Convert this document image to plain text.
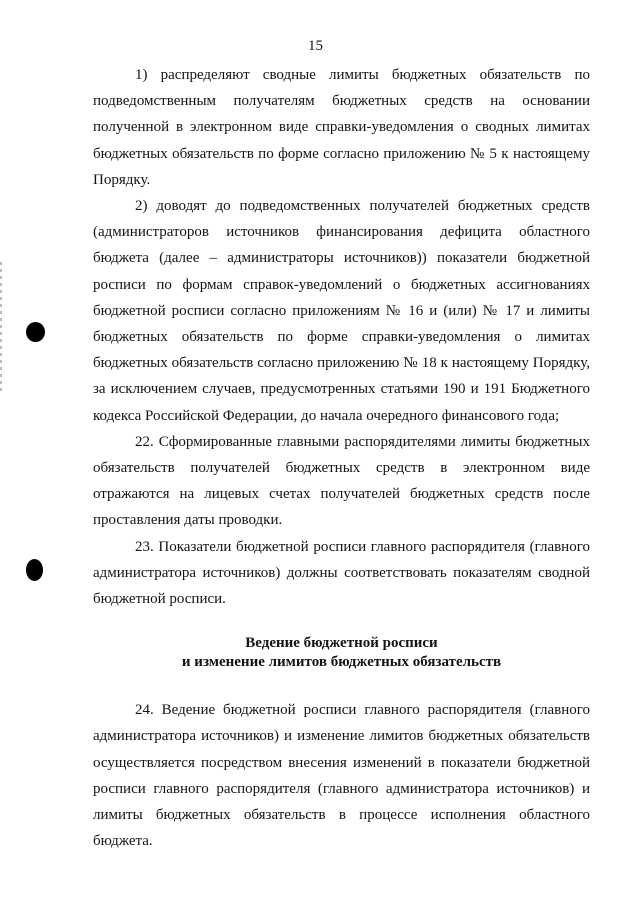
15

1) распределяют сводные лимиты бюджетных обязательств по подведомственным получателям бюджетных средств на основании полученной в электронном виде справки-уведомления о сводных лимитах бюджетных обязательств по форме согласно приложению № 5 к настоящему Порядку.

2) доводят до подведомственных получателей бюджетных средств (администраторов источников финансирования дефицита областного бюджета (далее – администраторы источников)) показатели бюджетной росписи по формам справок-уведомлений о бюджетных ассигнованиях бюджетной росписи согласно приложениям № 16 и (или) № 17 и лимиты бюджетных обязательств по форме справки-уведомления о лимитах бюджетных обязательств согласно приложению № 18 к настоящему Порядку, за исключением случаев, предусмотренных статьями 190 и 191 Бюджетного кодекса Российской Федерации, до начала очередного финансового года;

22. Сформированные главными распорядителями лимиты бюджетных обязательств получателей бюджетных средств в электронном виде отражаются на лицевых счетах получателей бюджетных средств после проставления даты проводки.

23. Показатели бюджетной росписи главного распорядителя (главного администратора источников) должны соответствовать показателям сводной бюджетной росписи.

Ведение бюджетной росписи
и изменение лимитов бюджетных обязательств

24. Ведение бюджетной росписи главного распорядителя (главного администратора источников) и изменение лимитов бюджетных обязательств осуществляется посредством внесения изменений в показатели бюджетной росписи главного распорядителя (главного администратора источников) и лимиты бюджетных обязательств в процессе исполнения областного бюджета.
